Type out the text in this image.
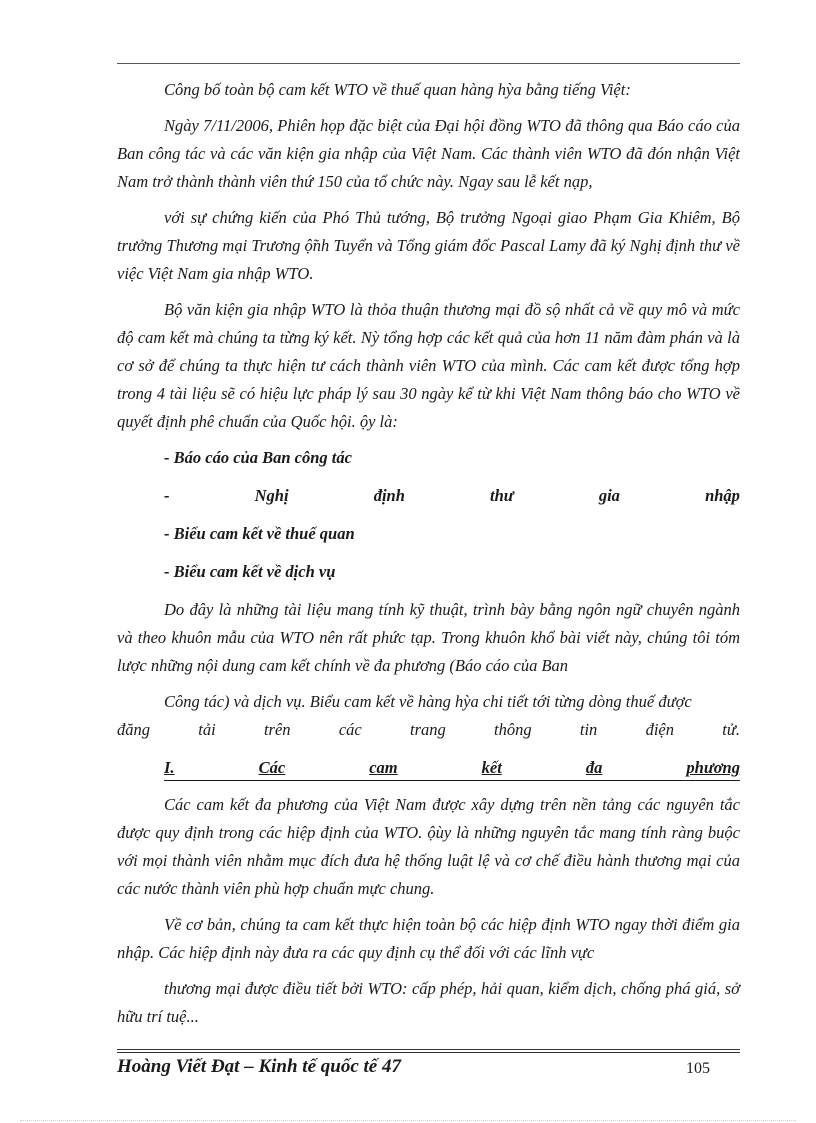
Công bố toàn bộ cam kết WTO về thuế quan hàng hỳa bằng tiếng Việt:

Ngày 7/11/2006, Phiên họp đặc biệt của Đại hội đồng WTO đã thông qua Báo cáo của Ban công tác và các văn kiện gia nhập của Việt Nam. Các thành viên WTO đã đón nhận Việt Nam trở thành thành viên thứ 150 của tổ chức này. Ngay sau lễ kết nạp,

với sự chứng kiến của Phó Thủ tướng, Bộ trưởng Ngoại giao Phạm Gia Khiêm, Bộ trưởng Thương mại Trương ộ̃nh Tuyển và Tổng giám đốc Pascal Lamy đã ký Nghị định thư về việc Việt Nam gia nhập WTO.

Bộ văn kiện gia nhập WTO là thỏa thuận thương mại đồ sộ nhất cả về quy mô và mức độ cam kết mà chúng ta từng ký kết. Nỳ tổng hợp các kết quả của hơn 11 năm đàm phán và là cơ sở để chúng ta thực hiện tư cách thành viên WTO của mình. Các cam kết được tổng hợp trong 4 tài liệu sẽ có hiệu lực pháp lý sau 30 ngày kể từ khi Việt Nam thông báo cho WTO về quyết định phê chuẩn của Quốc hội. ộy là:

- Báo cáo của Ban công tác
-	Nghị	định	thư	gia	nhập
- Biểu cam kết về thuế quan
- Biểu cam kết về dịch vụ

Do đây là những tài liệu mang tính kỹ thuật, trình bày bằng ngôn ngữ chuyên ngành và theo khuôn mẫu của WTO nên rất phức tạp. Trong khuôn khổ bài viết này, chúng tôi tóm lược những nội dung cam kết chính về đa phương (Báo cáo của Ban

Công tác) và dịch vụ. Biểu cam kết về hàng hỳa chi tiết tới từng dòng thuế được

đăng	tải	trên	các	trang	thông	tin	điện	tử.
I.	Các	cam	kết	đa	phương

Các cam kết đa phương của Việt Nam được xây dựng trên nền tảng các nguyên tắc được quy định trong các hiệp định của WTO. ộùy là những nguyên tắc mang tính ràng buộc với mọi thành viên nhằm mục đích đưa hệ thống luật lệ và cơ chế điều hành thương mại của các nước thành viên phù hợp chuẩn mực chung.

Về cơ bản, chúng ta cam kết thực hiện toàn bộ các hiệp định WTO ngay thời điểm gia nhập. Các hiệp định này đưa ra các quy định cụ thể đối với các lĩnh vực

thương mại được điều tiết bởi WTO: cấp phép, hải quan, kiểm dịch, chống phá giá, sở hữu trí tuệ...

Hoàng Viết Đạt – Kinh tế quốc tế 47	105
